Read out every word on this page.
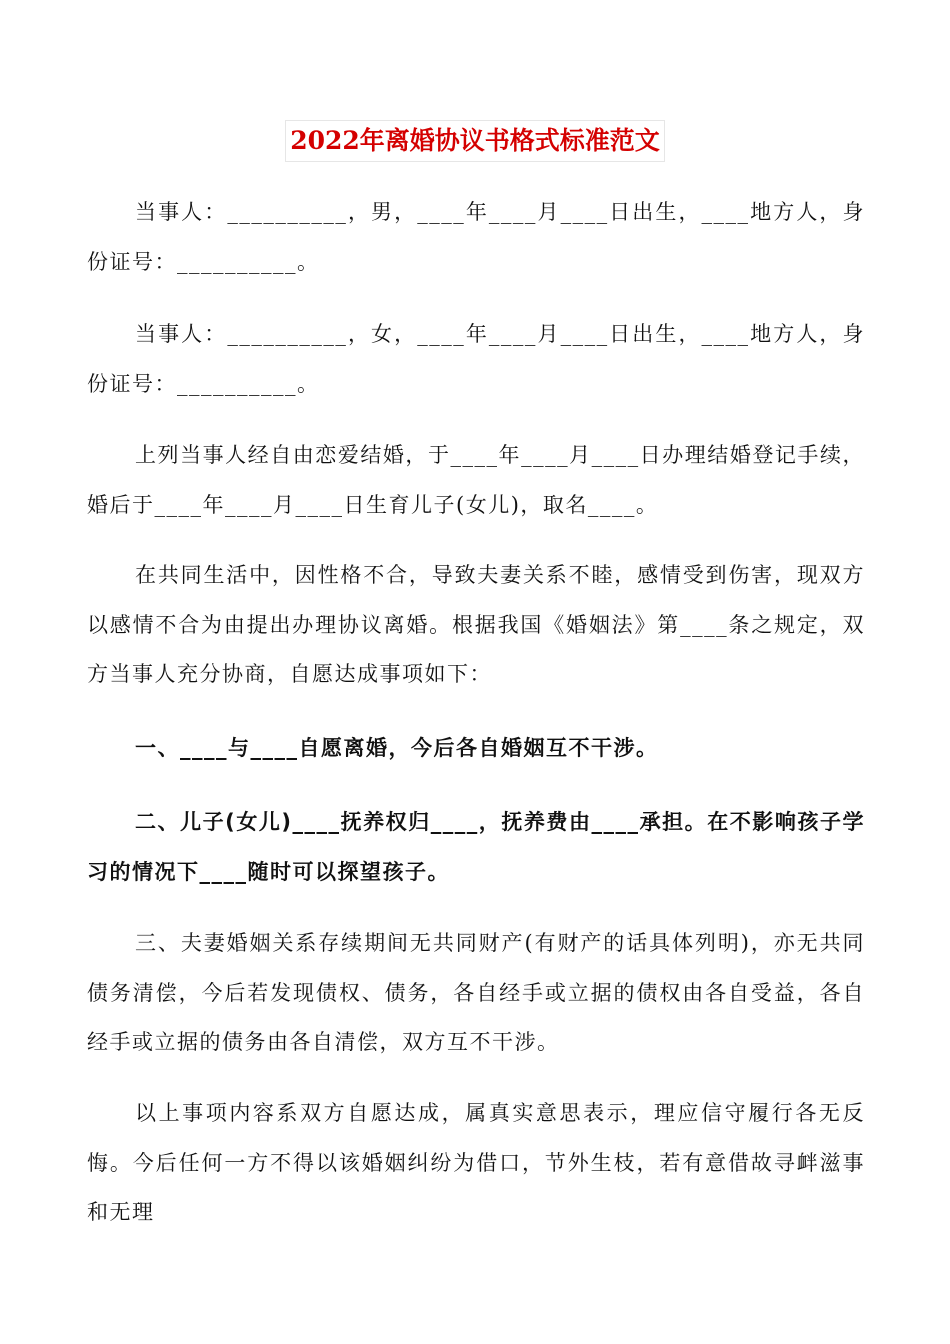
2022年离婚协议书格式标准范文

当事人：__________，男，____年____月____日出生，____地方人，身份证号：__________。

当事人：__________，女，____年____月____日出生，____地方人，身份证号：__________。

上列当事人经自由恋爱结婚，于____年____月____日办理结婚登记手续，婚后于____年____月____日生育儿子(女儿)，取名____。

在共同生活中，因性格不合，导致夫妻关系不睦，感情受到伤害，现双方以感情不合为由提出办理协议离婚。根据我国《婚姻法》第____条之规定，双方当事人充分协商，自愿达成事项如下：

一、____与____自愿离婚，今后各自婚姻互不干涉。

二、儿子(女儿)____抚养权归____，抚养费由____承担。在不影响孩子学习的情况下____随时可以探望孩子。

三、夫妻婚姻关系存续期间无共同财产(有财产的话具体列明)，亦无共同债务清偿，今后若发现债权、债务，各自经手或立据的债权由各自受益，各自经手或立据的债务由各自清偿，双方互不干涉。

以上事项内容系双方自愿达成，属真实意思表示，理应信守履行各无反悔。今后任何一方不得以该婚姻纠纷为借口，节外生枝，若有意借故寻衅滋事和无理
